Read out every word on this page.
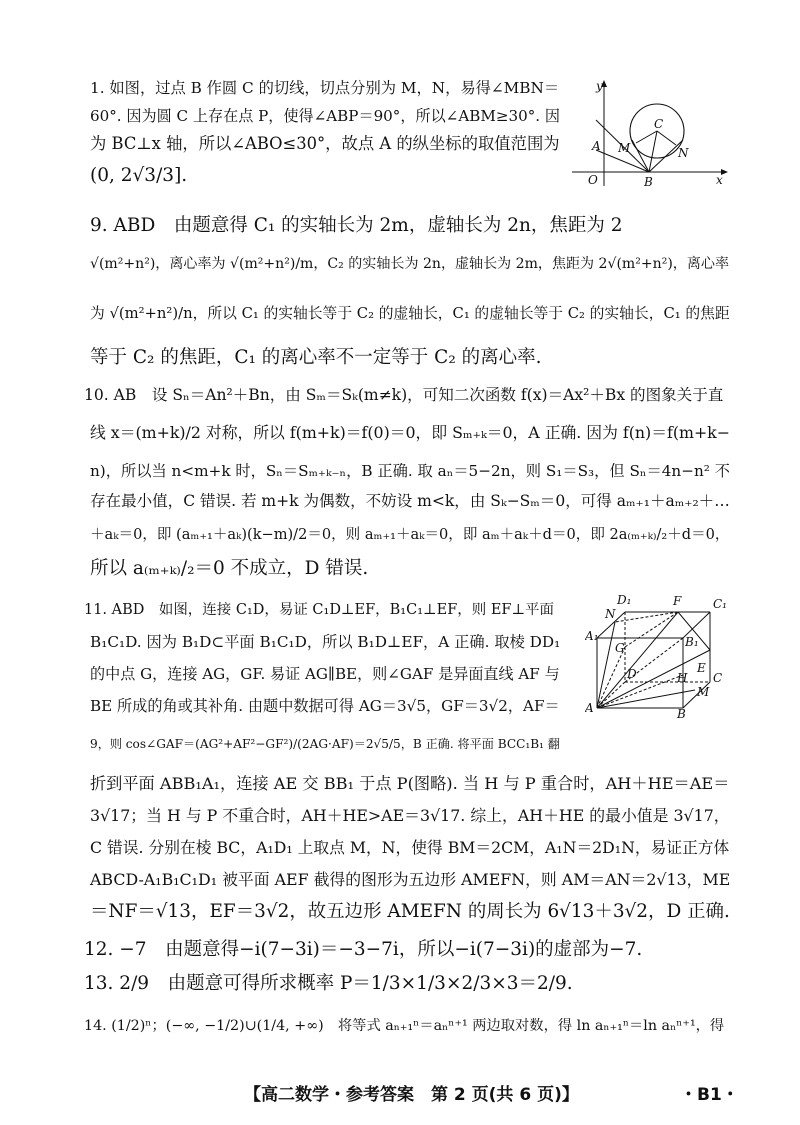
1. 如图，过点 B 作圆 C 的切线，切点分别为 M，N，易得∠MBN＝
60°. 因为圆 C 上存在点 P，使得∠ABP＝90°，所以∠ABM≥30°. 因
为 BC⊥x 轴，所以∠ABO≤30°，故点 A 的纵坐标的取值范围为
(0, 2√3/3].
9. ABD　由题意得 C₁ 的实轴长为 2m，虚轴长为 2n，焦距为 2
√(m²+n²)，离心率为 √(m²+n²)/m，C₂ 的实轴长为 2n，虚轴长为 2m，焦距为 2√(m²+n²)，离心率
为 √(m²+n²)/n，所以 C₁ 的实轴长等于 C₂ 的虚轴长，C₁ 的虚轴长等于 C₂ 的实轴长，C₁ 的焦距
等于 C₂ 的焦距，C₁ 的离心率不一定等于 C₂ 的离心率.
10. AB　设 Sₙ＝An²＋Bn，由 Sₘ＝Sₖ(m≠k)，可知二次函数 f(x)＝Ax²＋Bx 的图象关于直
线 x＝(m+k)/2 对称，所以 f(m+k)＝f(0)＝0，即 Sₘ₊ₖ＝0，A 正确. 因为 f(n)＝f(m+k−
n)，所以当 n<m+k 时，Sₙ＝Sₘ₊ₖ₋ₙ，B 正确. 取 aₙ＝5−2n，则 S₁＝S₃，但 Sₙ＝4n−n² 不
存在最小值，C 错误. 若 m+k 为偶数，不妨设 m<k，由 Sₖ−Sₘ＝0，可得 aₘ₊₁＋aₘ₊₂＋…
＋aₖ＝0，即 (aₘ₊₁＋aₖ)(k−m)/2＝0，则 aₘ₊₁＋aₖ＝0，即 aₘ＋aₖ＋d＝0，即 2a₍ₘ₊ₖ₎/₂＋d＝0，
所以 a₍ₘ₊ₖ₎/₂＝0 不成立，D 错误.
11. ABD　如图，连接 C₁D，易证 C₁D⊥EF，B₁C₁⊥EF，则 EF⊥平面
B₁C₁D. 因为 B₁D⊂平面 B₁C₁D，所以 B₁D⊥EF，A 正确. 取棱 DD₁
的中点 G，连接 AG，GF. 易证 AG∥BE，则∠GAF 是异面直线 AF 与
BE 所成的角或其补角. 由题中数据可得 AG＝3√5，GF＝3√2，AF＝
9，则 cos∠GAF＝(AG²+AF²−GF²)/(2AG·AF)＝2√5/5，B 正确. 将平面 BCC₁B₁ 翻
折到平面 ABB₁A₁，连接 AE 交 BB₁ 于点 P(图略). 当 H 与 P 重合时，AH＋HE＝AE＝
3√17；当 H 与 P 不重合时，AH＋HE>AE＝3√17. 综上，AH＋HE 的最小值是 3√17，
C 错误. 分别在棱 BC，A₁D₁ 上取点 M，N，使得 BM＝2CM，A₁N＝2D₁N，易证正方体
ABCD-A₁B₁C₁D₁ 被平面 AEF 截得的图形为五边形 AMEFN，则 AM＝AN＝2√13，ME
＝NF＝√13，EF＝3√2，故五边形 AMEFN 的周长为 6√13＋3√2，D 正确.
12. −7　由题意得−i(7−3i)＝−3−7i，所以−i(7−3i)的虚部为−7.
13. 2/9　由题意可得所求概率 P＝1/3×1/3×2/3×3＝2/9.
14. (1/2)ⁿ；(−∞, −1/2)∪(1/4, +∞)　将等式 aₙ₊₁ⁿ＝aₙⁿ⁺¹ 两边取对数，得 ln aₙ₊₁ⁿ＝ln aₙⁿ⁺¹，得
y
x
O
A M	N
C
B
D₁	F	C₁
N
A₁	B₁
G
D	H
E
C
M
A	B
【高二数学・参考答案　第 2 页(共 6 页)】	・B1・
